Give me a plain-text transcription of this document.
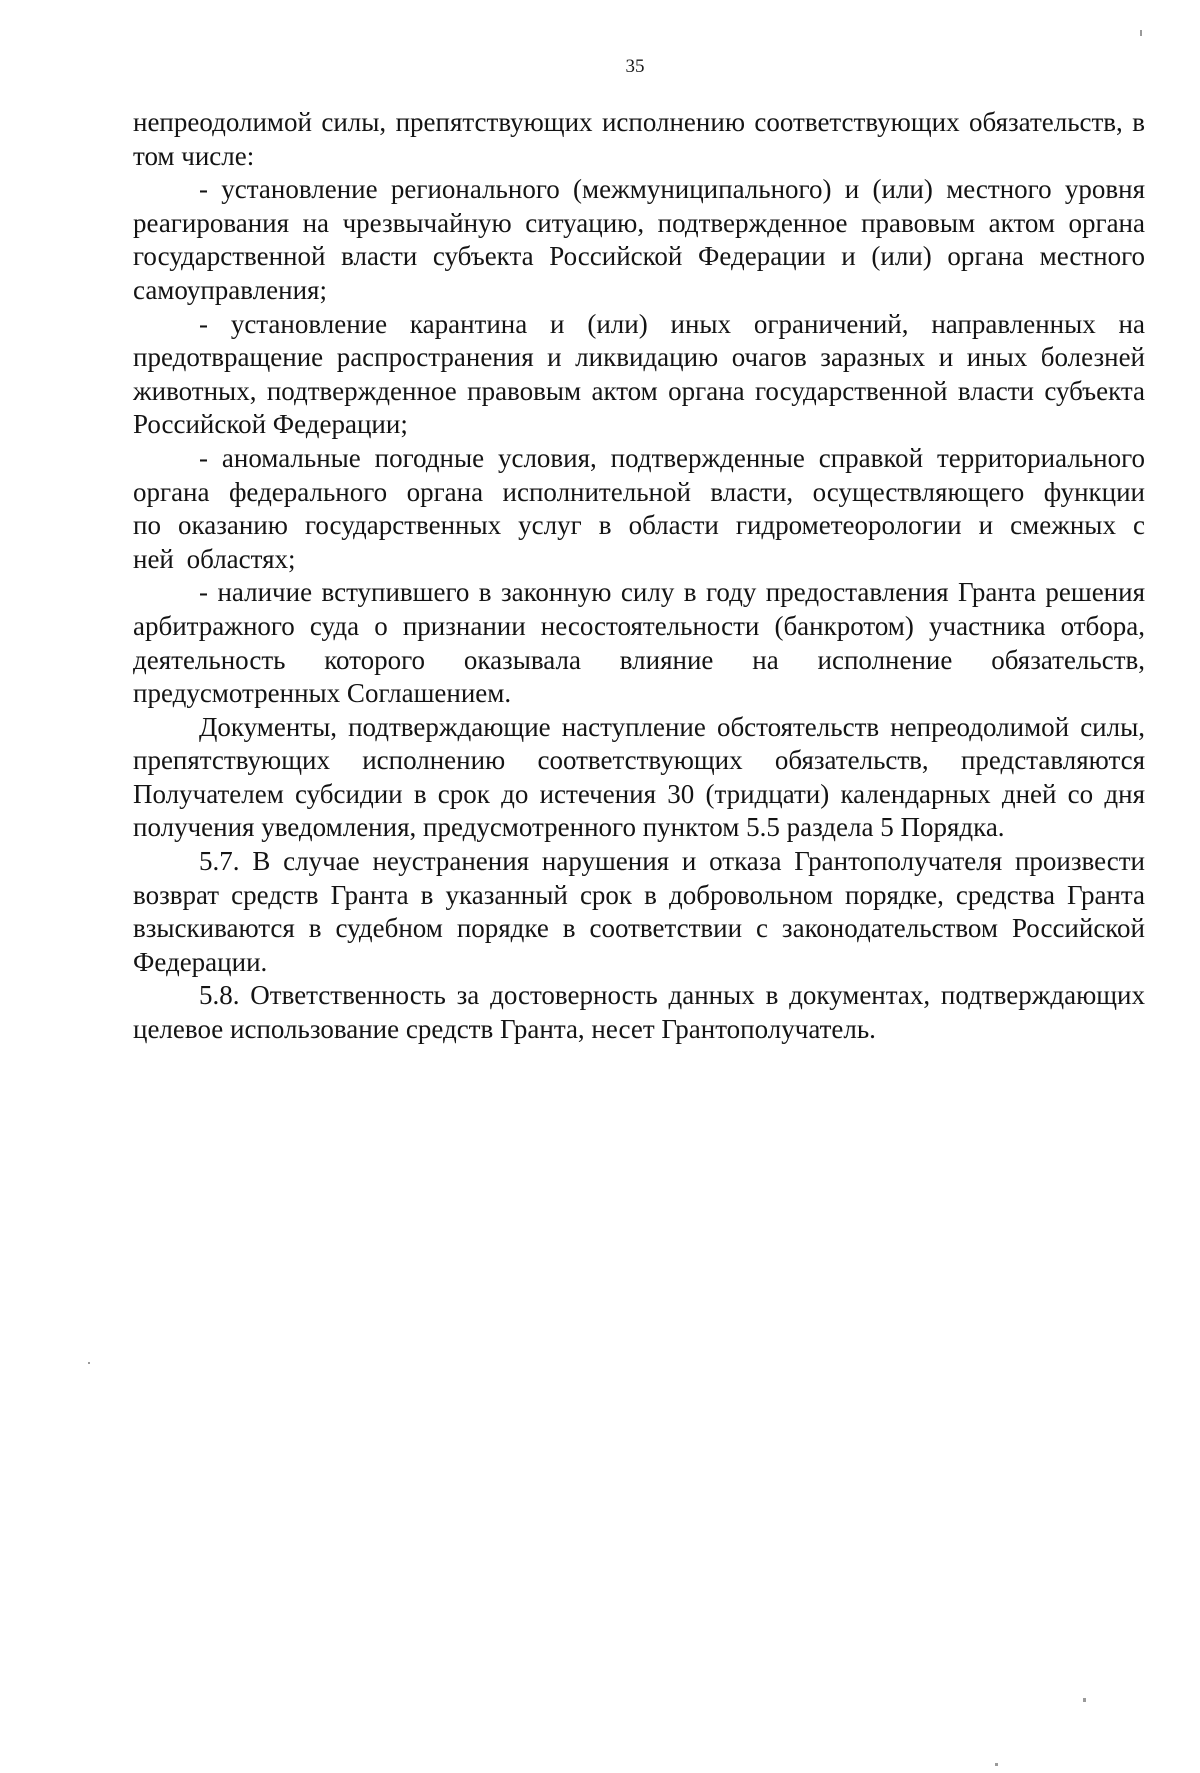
35

непреодолимой силы, препятствующих исполнению соответствующих обязательств, в том числе:

- установление регионального (межмуниципального) и (или) местного уровня реагирования на чрезвычайную ситуацию, подтвержденное правовым актом органа государственной власти субъекта Российской Федерации и (или) органа местного самоуправления;

- установление карантина и (или) иных ограничений, направленных на предотвращение распространения и ликвидацию очагов заразных и иных болезней животных, подтвержденное правовым актом органа государственной власти субъекта Российской Федерации;

- аномальные погодные условия, подтвержденные справкой территориального органа федерального органа исполнительной власти, осуществляющего функции по оказанию государственных услуг в области гидрометеорологии и смежных с ней областях;

- наличие вступившего в законную силу в году предоставления Гранта решения арбитражного суда о признании несостоятельности (банкротом) участника отбора, деятельность которого оказывала влияние на исполнение обязательств, предусмотренных Соглашением.

Документы, подтверждающие наступление обстоятельств непреодолимой силы, препятствующих исполнению соответствующих обязательств, представляются Получателем субсидии в срок до истечения 30 (тридцати) календарных дней со дня получения уведомления, предусмотренного пунктом 5.5 раздела 5 Порядка.

5.7. В случае неустранения нарушения и отказа Грантополучателя произвести возврат средств Гранта в указанный срок в добровольном порядке, средства Гранта взыскиваются в судебном порядке в соответствии с законодательством Российской Федерации.

5.8. Ответственность за достоверность данных в документах, подтверждающих целевое использование средств Гранта, несет Грантополучатель.
